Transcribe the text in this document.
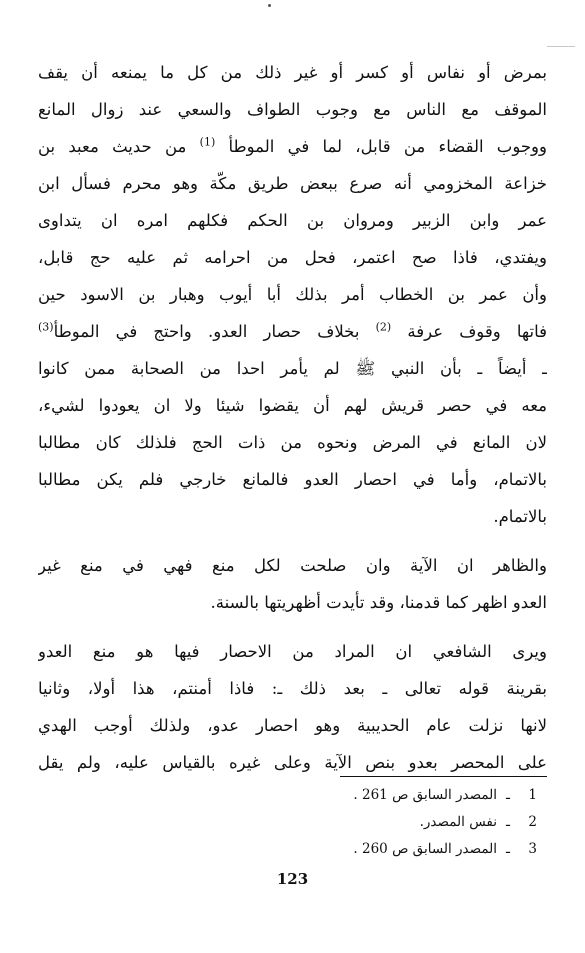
بمرض أو نفاس أو كسر أو غير ذلك من كل ما يمنعه أن يقف
الموقف مع الناس مع وجوب الطواف والسعي عند زوال المانع
ووجوب القضاء من قابل، لما في الموطأ $^{(1)}$ من حديث معبد بن
خزاعة المخزومي أنه صرع ببعض طريق مكّة وهو محرم فسأل ابن
عمر وابن الزبير ومروان بن الحكم فكلهم امره ان يتداوى
ويفتدي، فاذا صح اعتمر، فحل من احرامه ثم عليه حج قابل،
وأن عمر بن الخطاب أمر بذلك أبا أيوب وهبار بن الاسود حين
فاتها وقوف عرفة $^{(2)}$ بخلاف حصار العدو. واحتج في الموطأ$^{(3)}$
ـ أيضاً ـ بأن النبي ﷺ لم يأمر احدا من الصحابة ممن كانوا
معه في حصر قريش لهم أن يقضوا شيئا ولا ان يعودوا لشيء،
لان المانع في المرض ونحوه من ذات الحج فلذلك كان مطالبا
بالاتمام، وأما في احصار العدو فالمانع خارجي فلم يكن مطالبا
بالاتمام.
والظاهر ان الآية وان صلحت لكل منع فهي في منع غير
العدو اظهر كما قدمنا، وقد تأيدت أظهريتها بالسنة.
ويرى الشافعي ان المراد من الاحصار فيها هو منع العدو
بقرينة قوله تعالى ـ بعد ذلك ـ: فاذا أمنتم، هذا أولا، وثانيا
لانها نزلت عام الحديبية وهو احصار عدو، ولذلك أوجب الهدي
على المحصر بعدو بنص الآية وعلى غيره بالقياس عليه، ولم يقل
1ـالمصدر السابق ص 261 .
2ـنفس المصدر.
3ـالمصدر السابق ص 260 .
123
